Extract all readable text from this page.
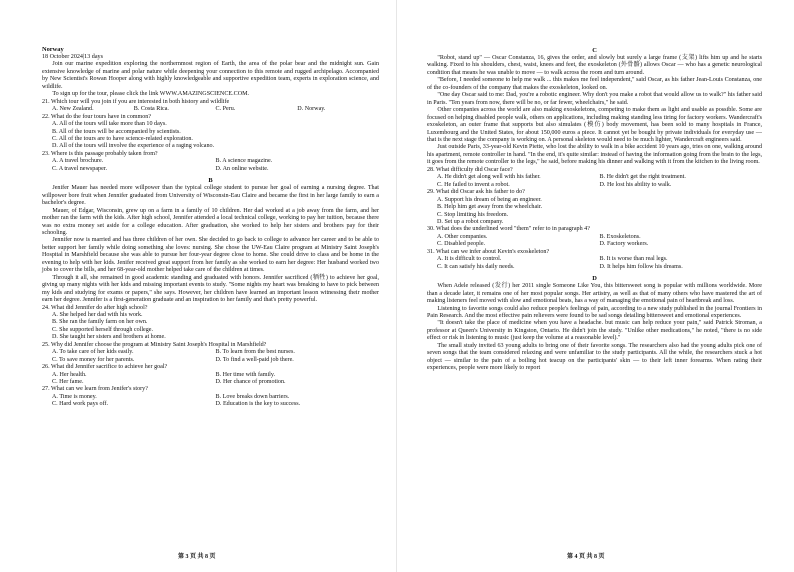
Norway
18 October 2024|13 days

Join our marine expedition exploring the northernmost region of Earth, the area of the polar bear and the midnight sun. Gain extensive knowledge of marine and polar nature while deepening your connection to this remote and rugged archipelago. Accompanied by New Scientist's Rowan Hooper along with highly knowledgeable and supportive expedition team, experts in exploration science, and wildlife.

To sign up for the tour, please click the link WWW.AMAZINGSCIENCE.COM.

21. Which tour will you join if you are interested in both history and wildlife
A. New Zealand.	B. Costa Rica.	C. Peru.	D. Norway.
22. What do the four tours have in common?
A. All of the tours will take more than 10 days.
B. All of the tours will be accompanied by scientists.
C. All of the tours are to have science-related exploration.
D. All of the tours will involve the experience of a raging volcano.
23. Where is this passage probably taken from?
A. A travel brochure.	B. A science magazine.
C. A travel newspaper.	D. An online website.
B

Jenifer Mauer has needed more willpower than the typical college student to pursue her goal of earning a nursing degree. That willpower bore fruit when Jennifer graduated from University of Wisconsin-Eau Claire and became the first in her large family to earn a bachelor's degree.

Mauer, of Edgar, Wisconsin, grew up on a farm in a family of 10 children. Her dad worked at a job away from the farm, and her mother ran the farm with the kids. After high school, Jennifer attended a local technical college, working to pay her tuition, because there was no extra money set aside for a college education. After graduation, she worked to help her sisters and brothers pay for their schooling.

Jennifer now is married and has three children of her own. She decided to go back to college to advance her career and to be able to better support her family while doing something she loves: nursing. She chose the UW-Eau Claire program at Ministry Saint Joseph's Hospital in Marshfield because she was able to pursue her four-year degree close to home. She could drive to class and be home in the evening to help with her kids. Jenifer received great support from her family as she worked to earn her degree: Her husband worked two jobs to cover the bills, and her 68-year-old mother helped take care of the children at times.

Through it all, she remained in good academic standing and graduated with honors. Jennifer sacrificed (牺牲) to achieve her goal, giving up many nights with her kids and missing important events to study. "Some nights my heart was breaking to have to pick between my kids and studying for exams or papers," she says. However, her children have learned an important lesson witnessing their mother earn her degree. Jennifer is a first-generation graduate and an inspiration to her family and that's pretty powerful.

24. What did Jennifer do after high school?
A. She helped her dad with his work.
B. She ran the family farm on her own.
C. She supported herself through college.
D. She taught her sisters and brothers at home.
25. Why did Jennifer choose the program at Ministry Saint Joseph's Hospital in Marshfield?
A. To take care of her kids easily.	B. To learn from the best nurses.
C. To save money for her parents.	D. To find a well-paid job there.
26. What did Jennifer sacrifice to achieve her goal?
A. Her health.	B. Her time with family.
C. Her fame.	D. Her chance of promotion.
27. What can we learn from Jenifer's story?
A. Time is money.	B. Love breaks down barriers.
C. Hard work pays off.	D. Education is the key to success.
第 3 页 共 8 页
C

"Robot, stand up" — Oscar Constanza, 16, gives the order, and slowly but surely a large frame (支架) lifts him up and he starts walking. Fixed to his shoulders, chest, waist, knees and feet, the exoskeleton (外骨骼) allows Oscar — who has a genetic neurological condition that means he was unable to move — to walk across the room and turn around.

"Before, I needed someone to help me walk ... this makes me feel independent," said Oscar, as his father Jean-Louis Constanza, one of the co-founders of the company that makes the exoskeleton, looked on.

"One day Oscar said to me: Dad, you're a robotic engineer. Why don't you make a robot that would allow us to walk?" his father said in Paris. "Ten years from now, there will be no, or far fewer, wheelchairs," he said.

Other companies across the world are also making exoskeletons, competing to make them as light and usable as possible. Some are focused on helping disabled people walk, others on applications, including making standing less tiring for factory workers. Wandercraft's exoskeleton, an outer frame that supports but also simulates (模仿) body movement, has been sold to many hospitals in France, Luxembourg and the United States, for about 150,000 euros a piece. It cannot yet be bought by private individuals for everyday use — that is the next stage the company is working on. A personal skeleton would need to be much lighter, Wandercraft engineers said.

Just outside Paris, 33-year-old Kevin Piette, who lost the ability to walk in a bike accident 10 years ago, tries on one, walking around his apartment, remote controller in hand. "In the end, it's quite similar: instead of having the information going from the brain to the legs, it goes from the remote controller to the legs," he said, before making his dinner and walking with it from the kitchen to the living room.

28. What difficulty did Oscar face?
A. He didn't get along well with his father.	B. He didn't get the right treatment.
C. He failed to invent a robot.	D. He lost his ability to walk.
29. What did Oscar ask his father to do?
A. Support his dream of being an engineer.
B. Help him get away from the wheelchair.
C. Stop limiting his freedom.
D. Set up a robot company.
30. What does the underlined word "them" refer to in paragraph 4?
A. Other companies.	B. Exoskeletons.
C. Disabled people.	D. Factory workers.
31. What can we infer about Kevin's exoskeleton?
A. It is difficult to control.	B. It is worse than real legs.
C. It can satisfy his daily needs.	D. It helps him follow his dreams.
D

When Adele released (发行) her 2011 single Someone Like You, this bittersweet song is popular with millions worldwide. More than a decade later, it remains one of her most popular songs. Her artistry, as well as that of many others who have mastered the art of making listeners feel moved with slow and emotional beats, has a way of managing the emotional pain of heartbreak and loss.

Listening to favorite songs could also reduce people's feelings of pain, according to a new study published in the journal Frontiers in Pain Research. And the most effective pain relievers were found to be sad songs detailing bittersweet and emotional experiences.

"It doesn't take the place of medicine when you have a headache. but music can help reduce your pain," said Patrick Stroman, a professor at Queen's University in Kingston, Ontario. He didn't join the study. "Unlike other medications," he noted, "there is no side effect or risk in listening to music (just keep the volume at a reasonable level)."

The small study invited 63 young adults to bring one of their favorite songs. The researchers also had the young adults pick one of seven songs that the team considered relaxing and were unfamiliar to the study participants. All the while, the researchers stuck a hot object — similar to the pain of a boiling hot teacup on the participants' skin — to their left inner forearms. When rating their experiences, people were more likely to report

第 4 页 共 8 页
